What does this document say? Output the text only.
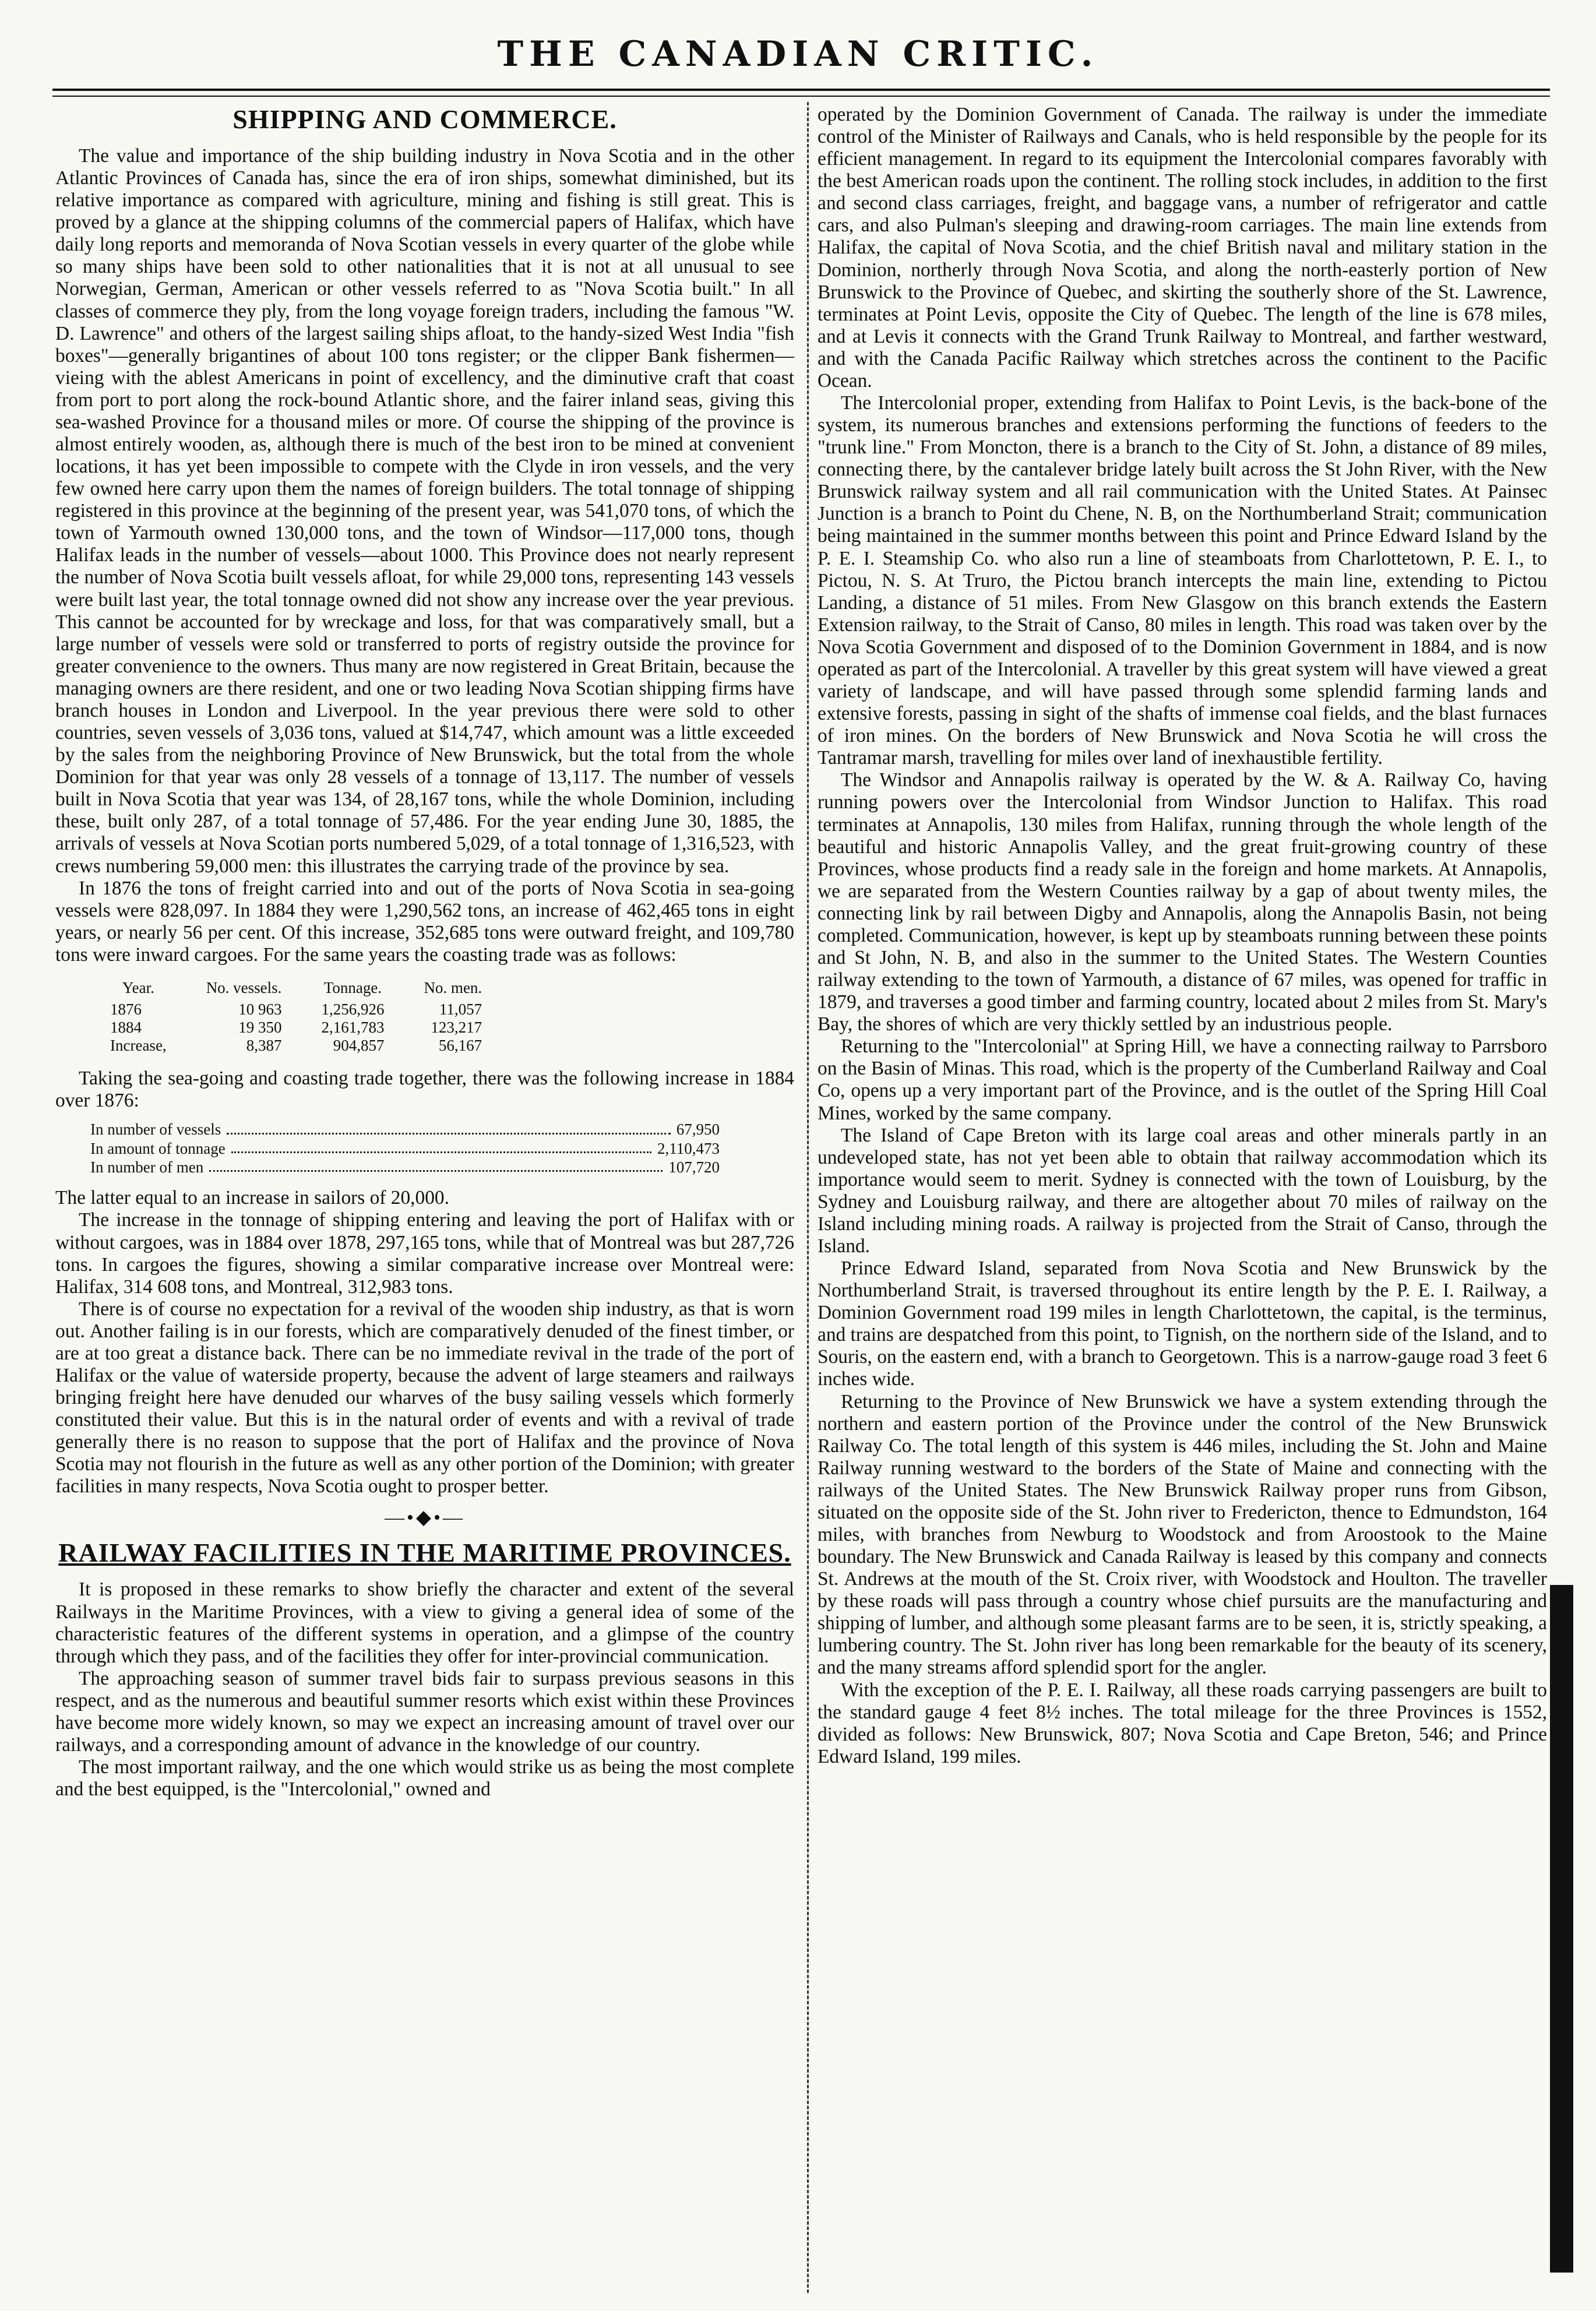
THE CANADIAN CRITIC.
SHIPPING AND COMMERCE.

The value and importance of the ship building industry in Nova Scotia and in the other Atlantic Provinces of Canada has, since the era of iron ships, somewhat diminished, but its relative importance as compared with agriculture, mining and fishing is still great. This is proved by a glance at the shipping columns of the commercial papers of Halifax, which have daily long reports and memoranda of Nova Scotian vessels in every quarter of the globe while so many ships have been sold to other nationalities that it is not at all unusual to see Norwegian, German, American or other vessels referred to as "Nova Scotia built." In all classes of commerce they ply, from the long voyage foreign traders, including the famous "W. D. Lawrence" and others of the largest sailing ships afloat, to the handy-sized West India "fish boxes"—generally brigantines of about 100 tons register; or the clipper Bank fishermen—vieing with the ablest Americans in point of excellency, and the diminutive craft that coast from port to port along the rock-bound Atlantic shore, and the fairer inland seas, giving this sea-washed Province for a thousand miles or more. Of course the shipping of the province is almost entirely wooden, as, although there is much of the best iron to be mined at convenient locations, it has yet been impossible to compete with the Clyde in iron vessels, and the very few owned here carry upon them the names of foreign builders. The total tonnage of shipping registered in this province at the beginning of the present year, was 541,070 tons, of which the town of Yarmouth owned 130,000 tons, and the town of Windsor—117,000 tons, though Halifax leads in the number of vessels—about 1000. This Province does not nearly represent the number of Nova Scotia built vessels afloat, for while 29,000 tons, representing 143 vessels were built last year, the total tonnage owned did not show any increase over the year previous. This cannot be accounted for by wreckage and loss, for that was comparatively small, but a large number of vessels were sold or transferred to ports of registry outside the province for greater convenience to the owners. Thus many are now registered in Great Britain, because the managing owners are there resident, and one or two leading Nova Scotian shipping firms have branch houses in London and Liverpool. In the year previous there were sold to other countries, seven vessels of 3,036 tons, valued at $14,747, which amount was a little exceeded by the sales from the neighboring Province of New Brunswick, but the total from the whole Dominion for that year was only 28 vessels of a tonnage of 13,117. The number of vessels built in Nova Scotia that year was 134, of 28,167 tons, while the whole Dominion, including these, built only 287, of a total tonnage of 57,486. For the year ending June 30, 1885, the arrivals of vessels at Nova Scotian ports numbered 5,029, of a total tonnage of 1,316,523, with crews numbering 59,000 men: this illustrates the carrying trade of the province by sea.

In 1876 the tons of freight carried into and out of the ports of Nova Scotia in sea-going vessels were 828,097. In 1884 they were 1,290,562 tons, an increase of 462,465 tons in eight years, or nearly 56 per cent. Of this increase, 352,685 tons were outward freight, and 109,780 tons were inward cargoes. For the same years the coasting trade was as follows:

Year.	No. vessels.	Tonnage.	No. men.
1876	10 963	1,256,926	11,057
1884	19 350	2,161,783	123,217
Increase,	8,387	904,857	56,167

Taking the sea-going and coasting trade together, there was the following increase in 1884 over 1876:

In number of vessels	67,950
In amount of tonnage	2,110,473
In number of men	107,720

The latter equal to an increase in sailors of 20,000.

The increase in the tonnage of shipping entering and leaving the port of Halifax with or without cargoes, was in 1884 over 1878, 297,165 tons, while that of Montreal was but 287,726 tons. In cargoes the figures, showing a similar comparative increase over Montreal were: Halifax, 314 608 tons, and Montreal, 312,983 tons.

There is of course no expectation for a revival of the wooden ship industry, as that is worn out. Another failing is in our forests, which are comparatively denuded of the finest timber, or are at too great a distance back. There can be no immediate revival in the trade of the port of Halifax or the value of waterside property, because the advent of large steamers and railways bringing freight here have denuded our wharves of the busy sailing vessels which formerly constituted their value. But this is in the natural order of events and with a revival of trade generally there is no reason to suppose that the port of Halifax and the province of Nova Scotia may not flourish in the future as well as any other portion of the Dominion; with greater facilities in many respects, Nova Scotia ought to prosper better.

—•◆•—
RAILWAY FACILITIES IN THE MARITIME PROVINCES.

It is proposed in these remarks to show briefly the character and extent of the several Railways in the Maritime Provinces, with a view to giving a general idea of some of the characteristic features of the different systems in operation, and a glimpse of the country through which they pass, and of the facilities they offer for inter-provincial communication.

The approaching season of summer travel bids fair to surpass previous seasons in this respect, and as the numerous and beautiful summer resorts which exist within these Provinces have become more widely known, so may we expect an increasing amount of travel over our railways, and a corresponding amount of advance in the knowledge of our country.

The most important railway, and the one which would strike us as being the most complete and the best equipped, is the "Intercolonial," owned and

operated by the Dominion Government of Canada. The railway is under the immediate control of the Minister of Railways and Canals, who is held responsible by the people for its efficient management. In regard to its equipment the Intercolonial compares favorably with the best American roads upon the continent. The rolling stock includes, in addition to the first and second class carriages, freight, and baggage vans, a number of refrigerator and cattle cars, and also Pulman's sleeping and drawing-room carriages. The main line extends from Halifax, the capital of Nova Scotia, and the chief British naval and military station in the Dominion, northerly through Nova Scotia, and along the north-easterly portion of New Brunswick to the Province of Quebec, and skirting the southerly shore of the St. Lawrence, terminates at Point Levis, opposite the City of Quebec. The length of the line is 678 miles, and at Levis it connects with the Grand Trunk Railway to Montreal, and farther westward, and with the Canada Pacific Railway which stretches across the continent to the Pacific Ocean.

The Intercolonial proper, extending from Halifax to Point Levis, is the back-bone of the system, its numerous branches and extensions performing the functions of feeders to the "trunk line." From Moncton, there is a branch to the City of St. John, a distance of 89 miles, connecting there, by the cantalever bridge lately built across the St John River, with the New Brunswick railway system and all rail communication with the United States. At Painsec Junction is a branch to Point du Chene, N. B, on the Northumberland Strait; communication being maintained in the summer months between this point and Prince Edward Island by the P. E. I. Steamship Co. who also run a line of steamboats from Charlottetown, P. E. I., to Pictou, N. S. At Truro, the Pictou branch intercepts the main line, extending to Pictou Landing, a distance of 51 miles. From New Glasgow on this branch extends the Eastern Extension railway, to the Strait of Canso, 80 miles in length. This road was taken over by the Nova Scotia Government and disposed of to the Dominion Government in 1884, and is now operated as part of the Intercolonial. A traveller by this great system will have viewed a great variety of landscape, and will have passed through some splendid farming lands and extensive forests, passing in sight of the shafts of immense coal fields, and the blast furnaces of iron mines. On the borders of New Brunswick and Nova Scotia he will cross the Tantramar marsh, travelling for miles over land of inexhaustible fertility.

The Windsor and Annapolis railway is operated by the W. & A. Railway Co, having running powers over the Intercolonial from Windsor Junction to Halifax. This road terminates at Annapolis, 130 miles from Halifax, running through the whole length of the beautiful and historic Annapolis Valley, and the great fruit-growing country of these Provinces, whose products find a ready sale in the foreign and home markets. At Annapolis, we are separated from the Western Counties railway by a gap of about twenty miles, the connecting link by rail between Digby and Annapolis, along the Annapolis Basin, not being completed. Communication, however, is kept up by steamboats running between these points and St John, N. B, and also in the summer to the United States. The Western Counties railway extending to the town of Yarmouth, a distance of 67 miles, was opened for traffic in 1879, and traverses a good timber and farming country, located about 2 miles from St. Mary's Bay, the shores of which are very thickly settled by an industrious people.

Returning to the "Intercolonial" at Spring Hill, we have a connecting railway to Parrsboro on the Basin of Minas. This road, which is the property of the Cumberland Railway and Coal Co, opens up a very important part of the Province, and is the outlet of the Spring Hill Coal Mines, worked by the same company.

The Island of Cape Breton with its large coal areas and other minerals partly in an undeveloped state, has not yet been able to obtain that railway accommodation which its importance would seem to merit. Sydney is connected with the town of Louisburg, by the Sydney and Louisburg railway, and there are altogether about 70 miles of railway on the Island including mining roads. A railway is projected from the Strait of Canso, through the Island.

Prince Edward Island, separated from Nova Scotia and New Brunswick by the Northumberland Strait, is traversed throughout its entire length by the P. E. I. Railway, a Dominion Government road 199 miles in length Charlottetown, the capital, is the terminus, and trains are despatched from this point, to Tignish, on the northern side of the Island, and to Souris, on the eastern end, with a branch to Georgetown. This is a narrow-gauge road 3 feet 6 inches wide.

Returning to the Province of New Brunswick we have a system extending through the northern and eastern portion of the Province under the control of the New Brunswick Railway Co. The total length of this system is 446 miles, including the St. John and Maine Railway running westward to the borders of the State of Maine and connecting with the railways of the United States. The New Brunswick Railway proper runs from Gibson, situated on the opposite side of the St. John river to Fredericton, thence to Edmundston, 164 miles, with branches from Newburg to Woodstock and from Aroostook to the Maine boundary. The New Brunswick and Canada Railway is leased by this company and connects St. Andrews at the mouth of the St. Croix river, with Woodstock and Houlton. The traveller by these roads will pass through a country whose chief pursuits are the manufacturing and shipping of lumber, and although some pleasant farms are to be seen, it is, strictly speaking, a lumbering country. The St. John river has long been remarkable for the beauty of its scenery, and the many streams afford splendid sport for the angler.

With the exception of the P. E. I. Railway, all these roads carrying passengers are built to the standard gauge 4 feet 8½ inches. The total mileage for the three Provinces is 1552, divided as follows: New Brunswick, 807; Nova Scotia and Cape Breton, 546; and Prince Edward Island, 199 miles.
